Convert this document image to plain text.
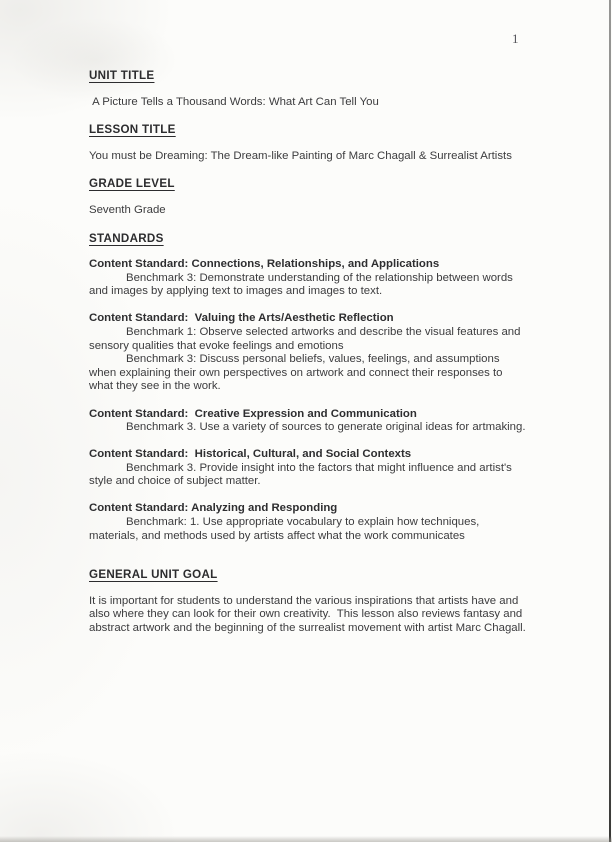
1
UNIT TITLE

A Picture Tells a Thousand Words: What Art Can Tell You

LESSON TITLE

You must be Dreaming: The Dream-like Painting of Marc Chagall & Surrealist Artists

GRADE LEVEL

Seventh Grade

STANDARDS

Content Standard: Connections, Relationships, and Applications

Benchmark 3: Demonstrate understanding of the relationship between words and images by applying text to images and images to text.

Content Standard:  Valuing the Arts/Aesthetic Reflection

Benchmark 1: Observe selected artworks and describe the visual features and sensory qualities that evoke feelings and emotions

Benchmark 3: Discuss personal beliefs, values, feelings, and assumptions when explaining their own perspectives on artwork and connect their responses to what they see in the work.

Content Standard:  Creative Expression and Communication

Benchmark 3. Use a variety of sources to generate original ideas for artmaking.

Content Standard:  Historical, Cultural, and Social Contexts

Benchmark 3. Provide insight into the factors that might influence and artist's style and choice of subject matter.

Content Standard: Analyzing and Responding

Benchmark: 1. Use appropriate vocabulary to explain how techniques, materials, and methods used by artists affect what the work communicates

GENERAL UNIT GOAL

It is important for students to understand the various inspirations that artists have and also where they can look for their own creativity.  This lesson also reviews fantasy and abstract artwork and the beginning of the surrealist movement with artist Marc Chagall.
